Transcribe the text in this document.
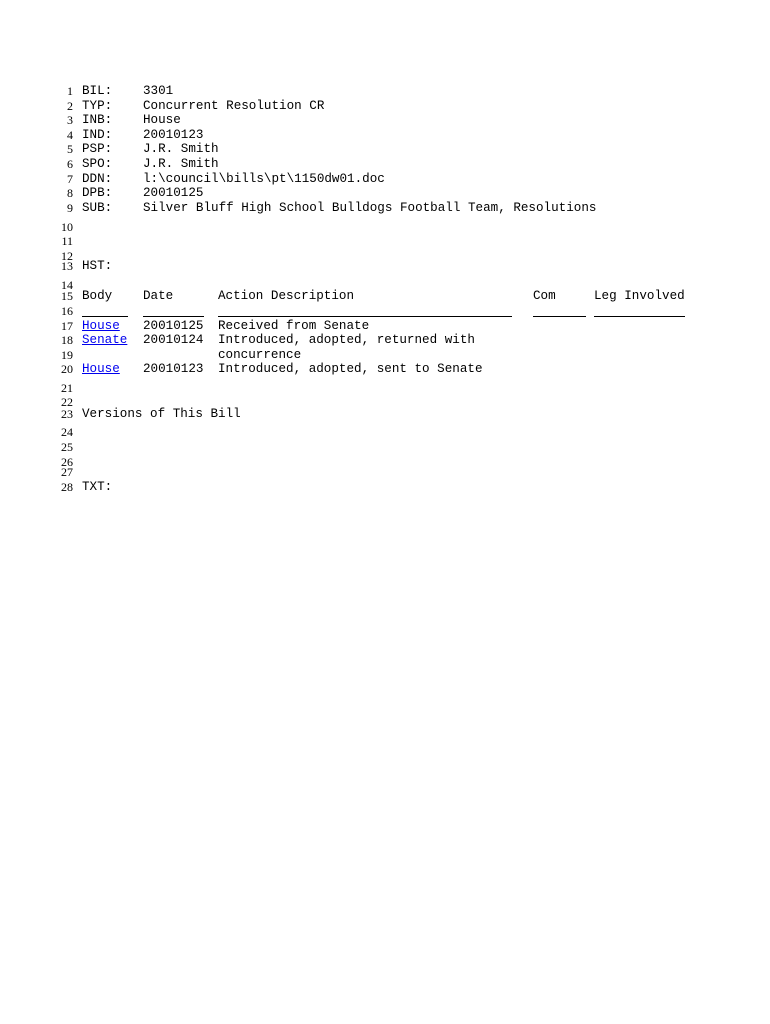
1
2
3
4
5
6
7
8
9
10
11
12
13
14
15
16
17
18
19
20
21
22
23
24
25
26
27
28
BIL: 3301
TYP: Concurrent Resolution CR
INB: House
IND: 20010123
PSP: J.R. Smith
SPO: J.R. Smith
DDN: l:\council\bills\pt\1150dw01.doc
DPB: 20010125
SUB: Silver Bluff High School Bulldogs Football Team, Resolutions
HST:
Body Date	Action Description	Com	Leg Involved
House 20010125 Received from Senate
Senate 20010124 Introduced, adopted, returned with
concurrence
House 20010123 Introduced, adopted, sent to Senate
Versions of This Bill
TXT:
